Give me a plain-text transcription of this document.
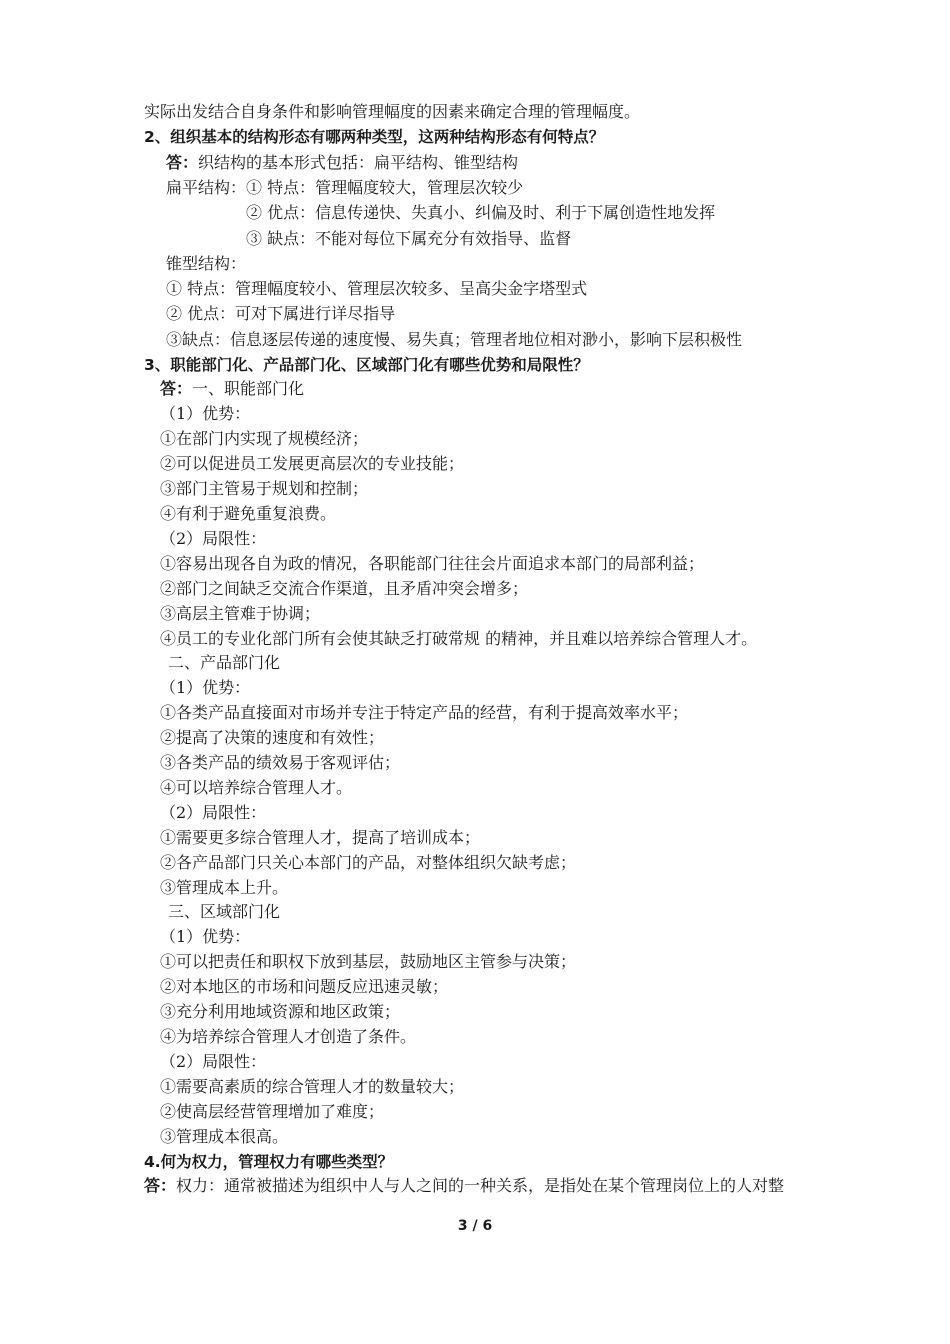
实际出发结合自身条件和影响管理幅度的因素来确定合理的管理幅度。
2、组织基本的结构形态有哪两种类型，这两种结构形态有何特点？
答：织结构的基本形式包括：扁平结构、锥型结构
扁平结构：① 特点：管理幅度较大，管理层次较少
② 优点：信息传递快、失真小、纠偏及时、利于下属创造性地发挥
③ 缺点：不能对每位下属充分有效指导、监督
锥型结构：
① 特点：管理幅度较小、管理层次较多、呈高尖金字塔型式
② 优点：可对下属进行详尽指导
③缺点：信息逐层传递的速度慢、易失真；管理者地位相对渺小，影响下层积极性
3、职能部门化、产品部门化、区域部门化有哪些优势和局限性？
答：一、职能部门化
（1）优势：
①在部门内实现了规模经济；
②可以促进员工发展更高层次的专业技能；
③部门主管易于规划和控制；
④有利于避免重复浪费。
（2）局限性：
①容易出现各自为政的情况，各职能部门往往会片面追求本部门的局部利益；
②部门之间缺乏交流合作渠道，且矛盾冲突会增多；
③高层主管难于协调；
④员工的专业化部门所有会使其缺乏打破常规 的精神，并且难以培养综合管理人才。
二、产品部门化
（1）优势：
①各类产品直接面对市场并专注于特定产品的经营，有利于提高效率水平；
②提高了决策的速度和有效性；
③各类产品的绩效易于客观评估；
④可以培养综合管理人才。
（2）局限性：
①需要更多综合管理人才，提高了培训成本；
②各产品部门只关心本部门的产品，对整体组织欠缺考虑；
③管理成本上升。
三、区域部门化
（1）优势：
①可以把责任和职权下放到基层，鼓励地区主管参与决策；
②对本地区的市场和问题反应迅速灵敏；
③充分利用地域资源和地区政策；
④为培养综合管理人才创造了条件。
（2）局限性：
①需要高素质的综合管理人才的数量较大；
②使高层经营管理增加了难度；
③管理成本很高。
4.何为权力，管理权力有哪些类型？
答：权力：通常被描述为组织中人与人之间的一种关系，是指处在某个管理岗位上的人对整
3 / 6
